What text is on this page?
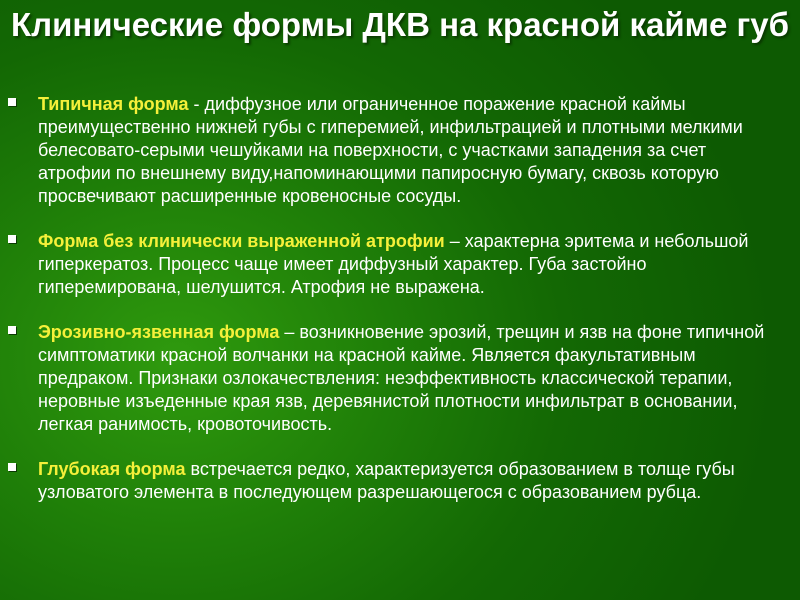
Клинические формы ДКВ на красной кайме губ
Типичная форма - диффузное или ограниченное поражение красной каймы преимущественно нижней губы с гиперемией, инфильтрацией и плотными мелкими белесовато-серыми чешуйками на поверхности, с участками западения за счет атрофии по внешнему виду,напоминающими папиросную бумагу, сквозь которую просвечивают расширенные кровеносные сосуды.
Форма без клинически выраженной атрофии – характерна эритема и небольшой гиперкератоз. Процесс чаще имеет диффузный характер. Губа застойно гиперемирована, шелушится. Атрофия не выражена.
Эрозивно-язвенная форма – возникновение эрозий, трещин и язв на фоне типичной симптоматики красной волчанки на красной кайме. Является факультативным предраком. Признаки озлокачествления: неэффективность классической терапии, неровные изъеденные края язв, деревянистой плотности инфильтрат в основании, легкая ранимость, кровоточивость.
Глубокая форма встречается редко, характеризуется образованием в толще губы узловатого элемента в последующем разрешающегося с образованием рубца.
